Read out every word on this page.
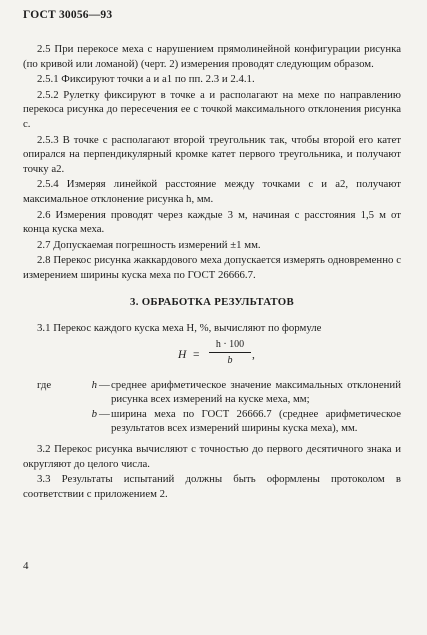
ГОСТ 30056—93

2.5 При перекосе меха с нарушением прямолинейной конфигурации рисунка (по кривой или ломаной) (черт. 2) измерения проводят следующим образом.

2.5.1 Фиксируют точки a и a1 по пп. 2.3 и 2.4.1.

2.5.2 Рулетку фиксируют в точке a и располагают на мехе по направлению перекоса рисунка до пересечения ее с точкой максимального отклонения рисунка c.

2.5.3 В точке c располагают второй треугольник так, чтобы второй его катет опирался на перпендикулярный кромке катет первого треугольника, и получают точку a2.

2.5.4 Измеряя линейкой расстояние между точками c и a2, получают максимальное отклонение рисунка h, мм.

2.6 Измерения проводят через каждые 3 м, начиная с расстояния 1,5 м от конца куска меха.

2.7 Допускаемая погрешность измерений ±1 мм.

2.8 Перекос рисунка жаккардового меха допускается измерять одновременно с измерением ширины куска меха по ГОСТ 26666.7.

3. ОБРАБОТКА РЕЗУЛЬТАТОВ

3.1 Перекос каждого куска меха H, %, вычисляют по формуле

H =
h · 100
b	,
где	h — среднее арифметическое значение максимальных отклонений рисунка всех измерений на куске меха, мм;
b — ширина меха по ГОСТ 26666.7 (среднее арифметическое результатов всех измерений ширины куска меха), мм.

3.2 Перекос рисунка вычисляют с точностью до первого десятичного знака и округляют до целого числа.

3.3 Результаты испытаний должны быть оформлены протоколом в соответствии с приложением 2.

4
